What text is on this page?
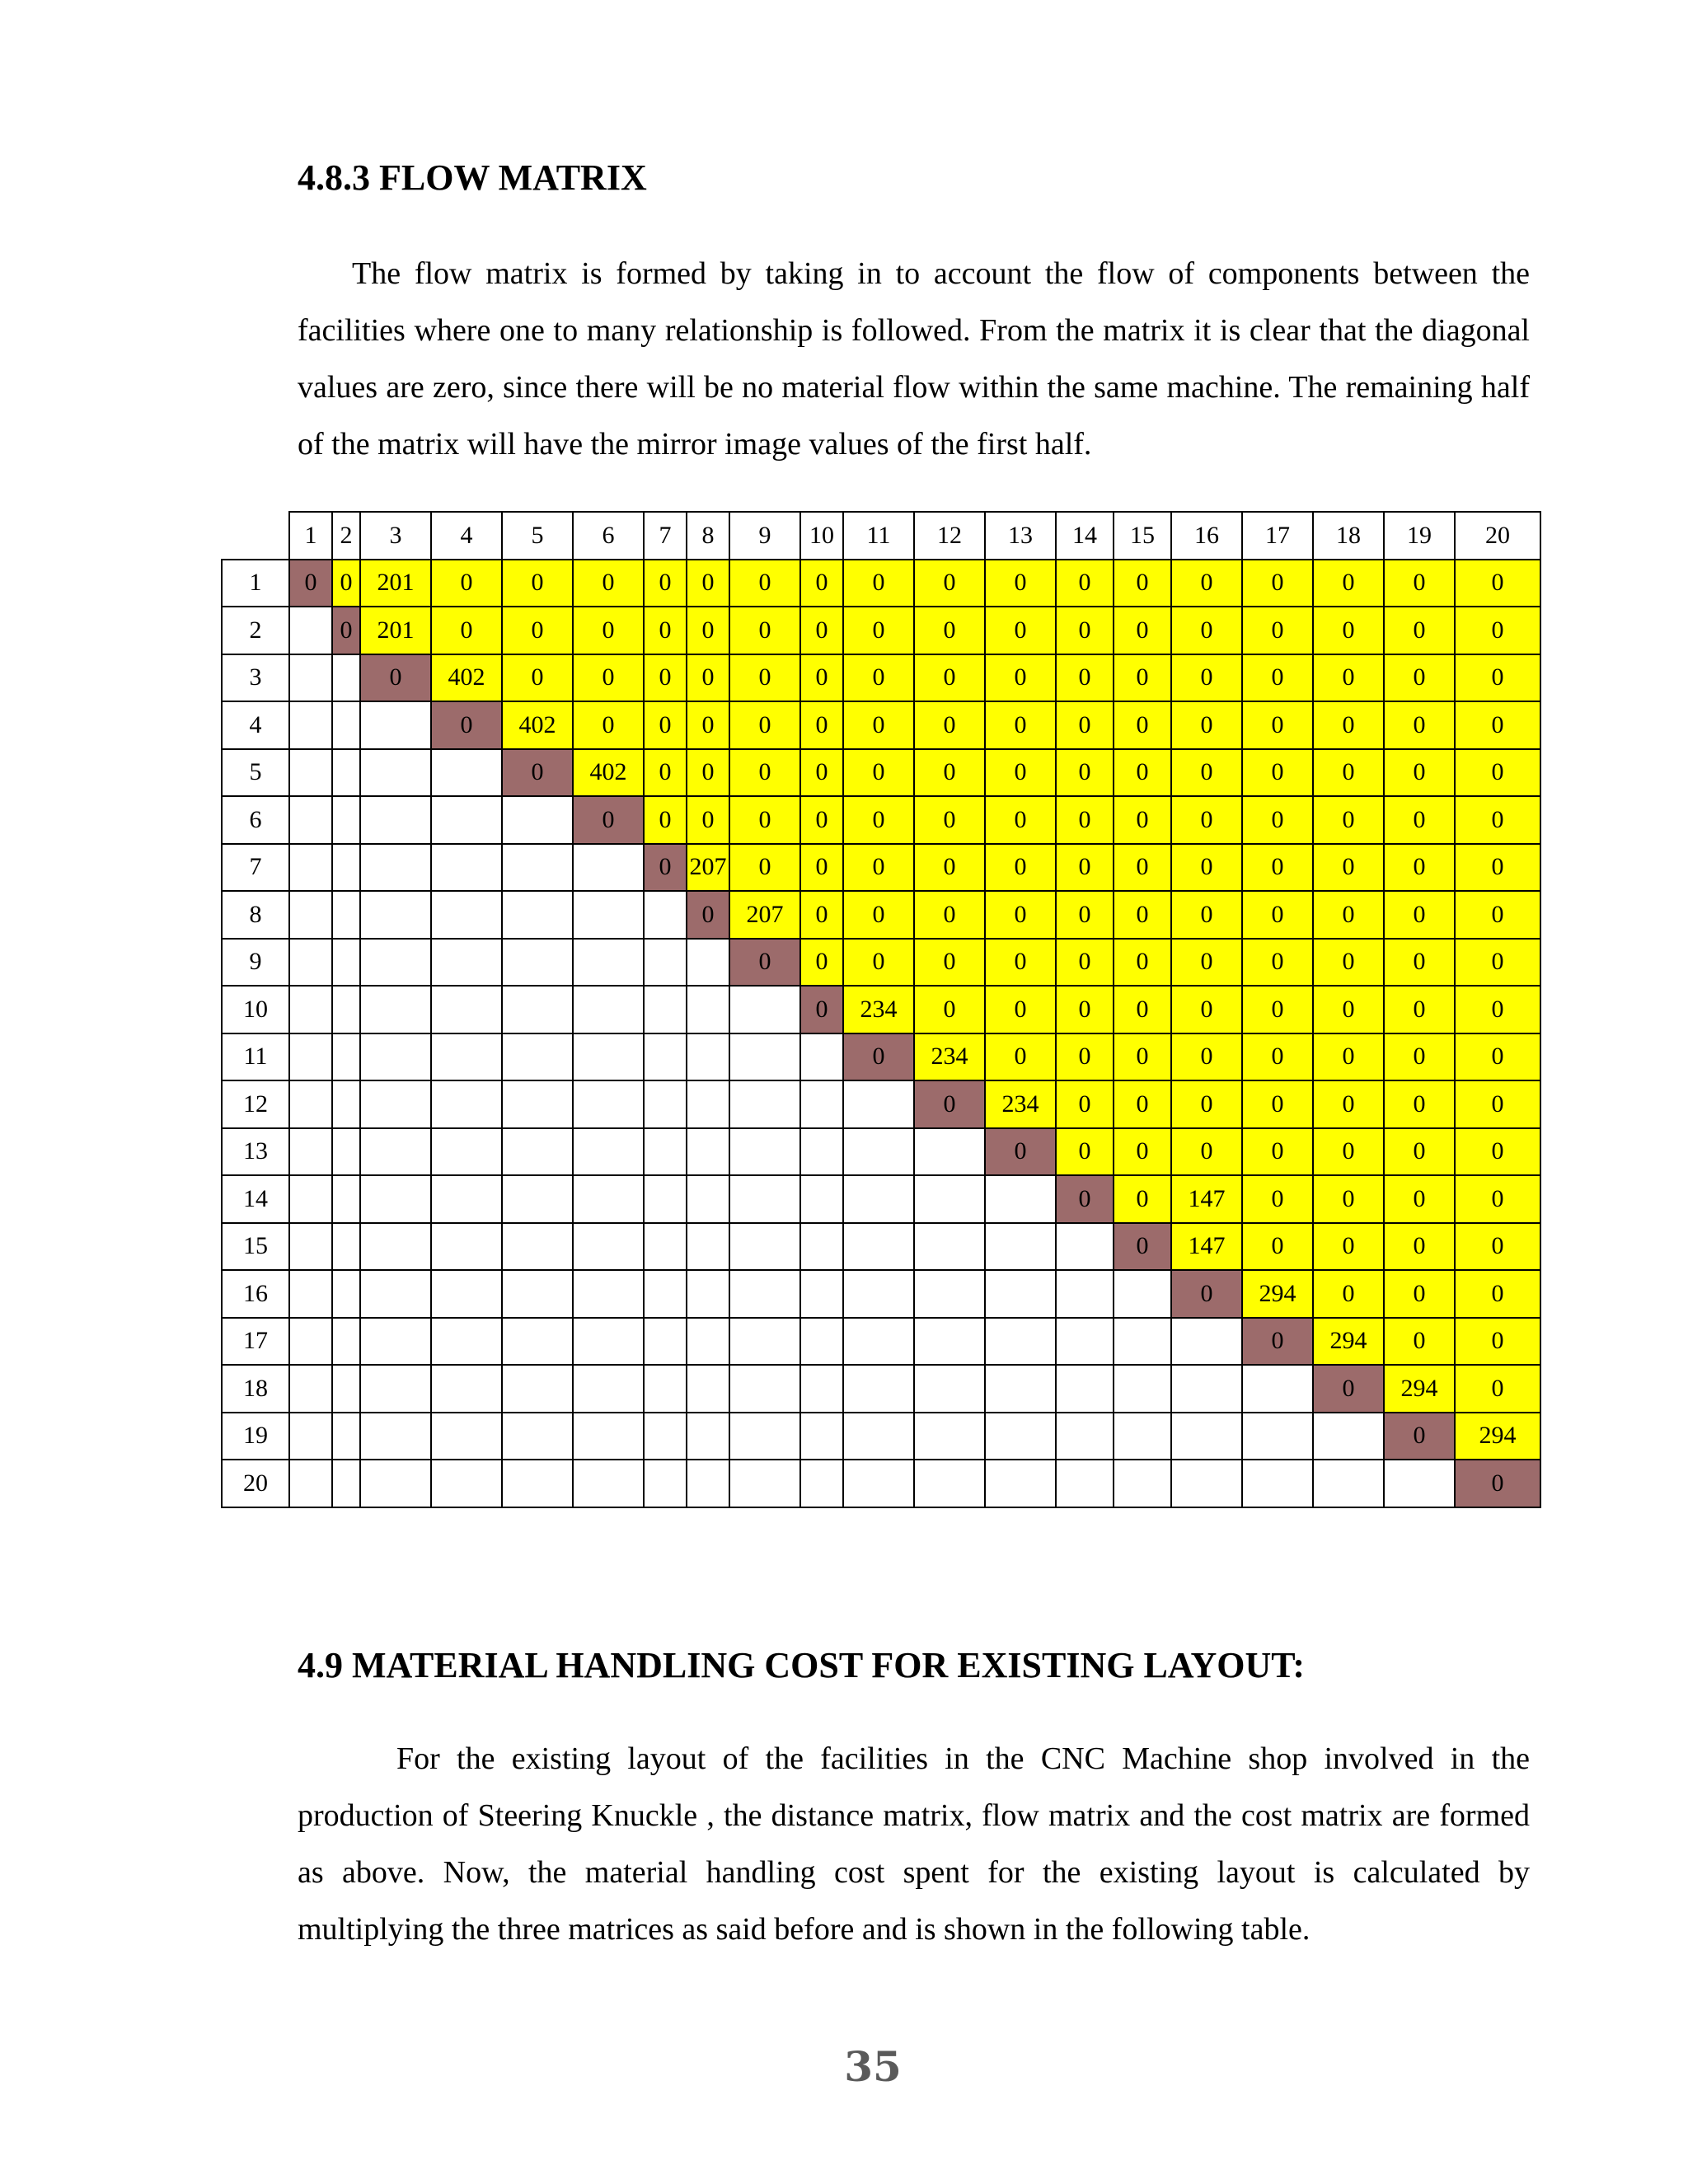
4.8.3 FLOW MATRIX

The flow matrix is formed by taking in to account the flow of components between the facilities where one to many relationship is followed. From the matrix it is clear that the diagonal values are zero, since there will be no material flow within the same machine. The remaining half of the matrix will have the mirror image values of the first half.

	1	2	3	4	5	6	7	8	9	10	11	12	13	14	15	16	17	18	19	20
1	0	0	201	0	0	0	0	0	0	0	0	0	0	0	0	0	0	0	0	0
2		0	201	0	0	0	0	0	0	0	0	0	0	0	0	0	0	0	0	0
3			0	402	0	0	0	0	0	0	0	0	0	0	0	0	0	0	0	0
4				0	402	0	0	0	0	0	0	0	0	0	0	0	0	0	0	0
5					0	402	0	0	0	0	0	0	0	0	0	0	0	0	0	0
6						0	0	0	0	0	0	0	0	0	0	0	0	0	0	0
7							0	207	0	0	0	0	0	0	0	0	0	0	0	0
8								0	207	0	0	0	0	0	0	0	0	0	0	0
9									0	0	0	0	0	0	0	0	0	0	0	0
10										0	234	0	0	0	0	0	0	0	0	0
11											0	234	0	0	0	0	0	0	0	0
12												0	234	0	0	0	0	0	0	0
13													0	0	0	0	0	0	0	0
14														0	0	147	0	0	0	0
15															0	147	0	0	0	0
16																0	294	0	0	0
17																	0	294	0	0
18																		0	294	0
19																			0	294
20																				0
4.9 MATERIAL HANDLING COST FOR EXISTING LAYOUT:

For the existing layout of the facilities in the CNC Machine shop involved in the production of Steering Knuckle , the distance matrix, flow matrix and the cost matrix are formed as above. Now, the material handling cost spent for the existing layout is calculated by multiplying the three matrices as said before and is shown in the following table.

35
